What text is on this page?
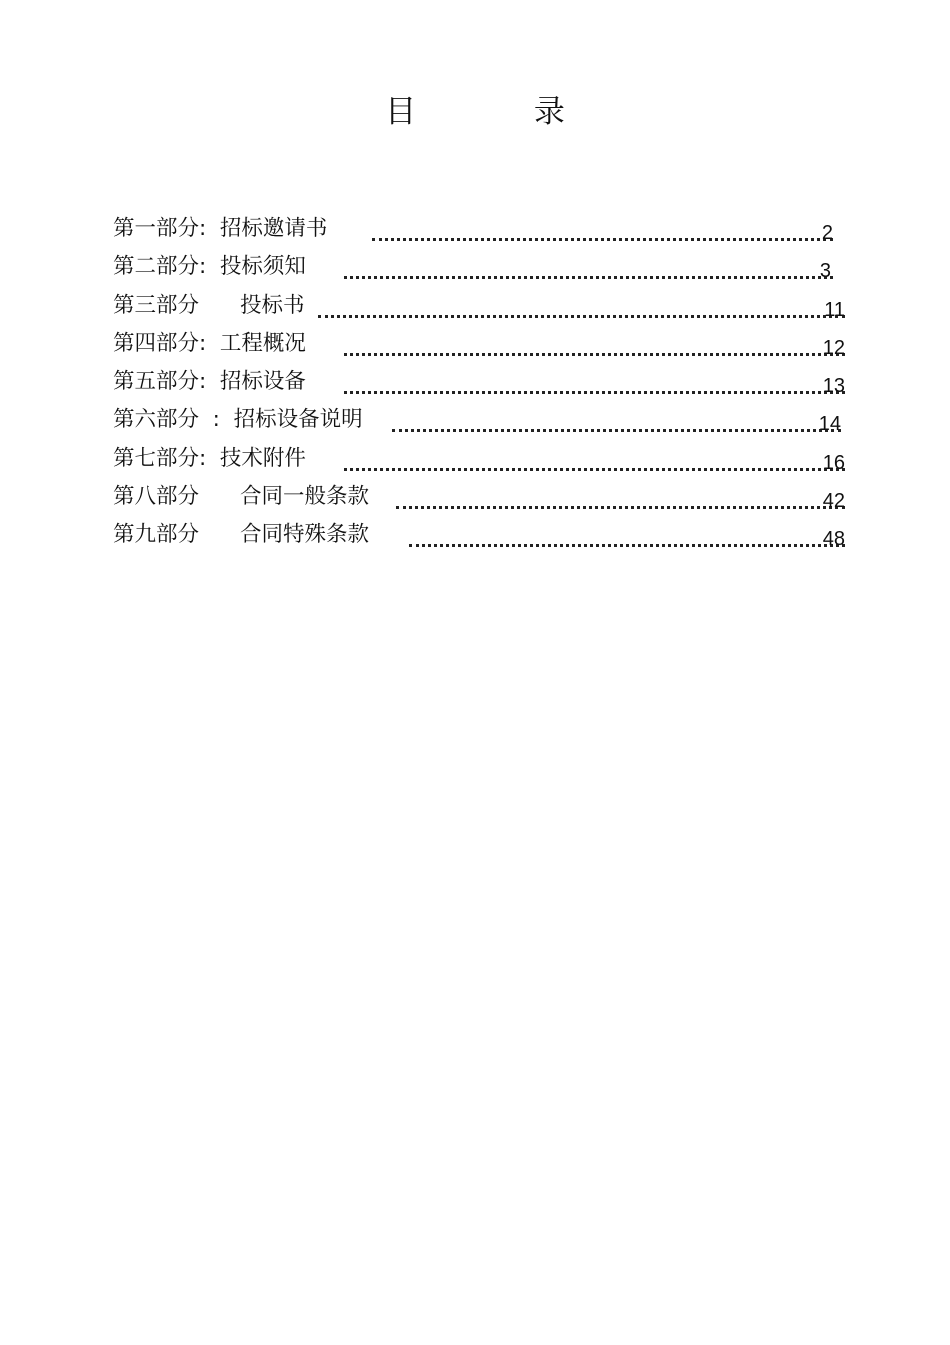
目 录
第一部分:  招标邀请书	2
第二部分:  投标须知	3
第三部分      投标书	11
第四部分:  工程概况	12
第五部分:  招标设备	13
第六部分  :  招标设备说明	14
第七部分:  技术附件	16
第八部分      合同一般条款	42
第九部分      合同特殊条款	48
